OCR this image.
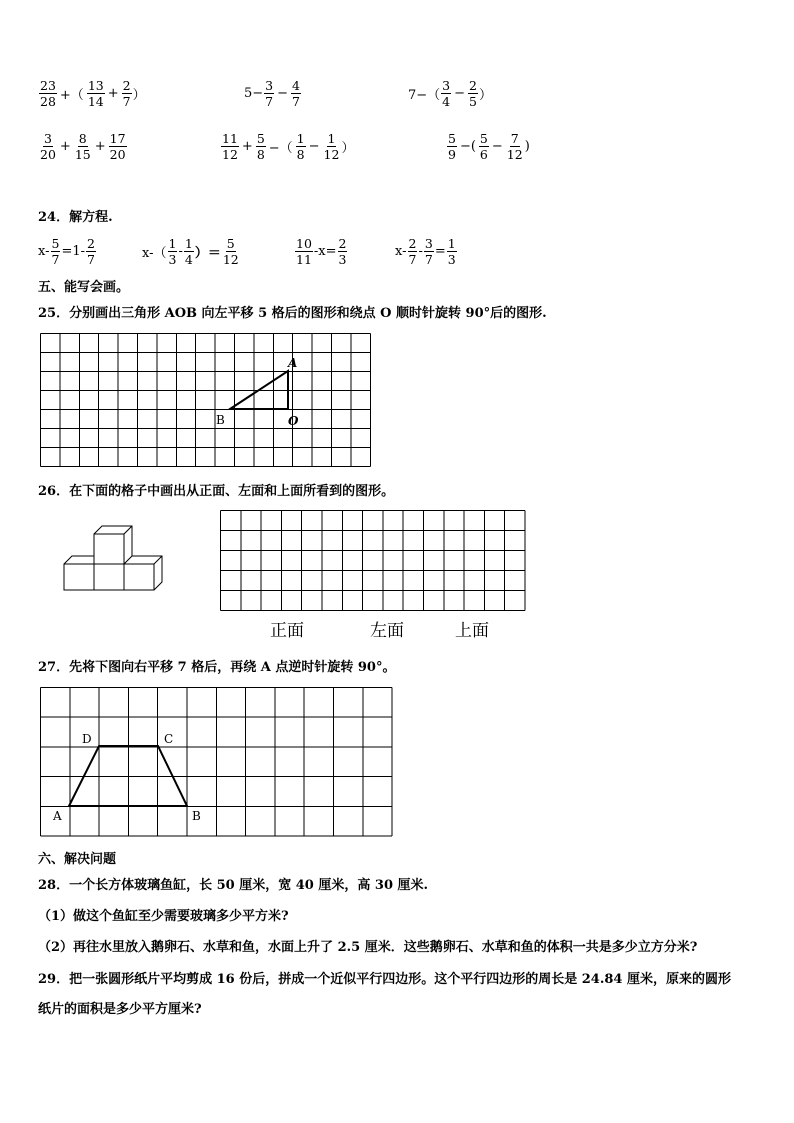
$\frac{23}{28}$ +（ $\frac{13}{14} + \frac{2}{7}$ ）	$5- \frac{3}{7} - \frac{4}{7}$	$7-( \frac{3}{4} - \frac{2}{5}$ ）
$\frac{3}{20} + \frac{8}{15} + \frac{17}{20}$	$\frac{11}{12} + \frac{5}{8}$ −（ $\frac{1}{8} - \frac{1}{12}$ ）	$\frac{5}{9}$ −( $\frac{5}{6} - \frac{7}{12}$ )
24．解方程.
$x- \frac{5}{7} =1- \frac{2}{7}$	$x-( \frac{1}{3} - \frac{1}{4}$ ）＝ $\frac{5}{12}$	$\frac{10}{11} -x= \frac{2}{3}$	$x- \frac{2}{7} - \frac{3}{7} = \frac{1}{3}$
五、能写会画。
25．分别画出三角形 AOB 向左平移 5 格后的图形和绕点 O 顺时针旋转 90°后的图形.
A
B	O
26．在下面的格子中画出从正面、左面和上面所看到的图形。
正面	左面	上面
27．先将下图向右平移 7 格后，再绕 A 点逆时针旋转 90°。
D	C
A	B
六、解决问题
28．一个长方体玻璃鱼缸，长 50 厘米，宽 40 厘米，高 30 厘米.
（1）做这个鱼缸至少需要玻璃多少平方米?
（2）再往水里放入鹅卵石、水草和鱼，水面上升了 2.5 厘米．这些鹅卵石、水草和鱼的体积一共是多少立方分米?
29．把一张圆形纸片平均剪成 16 份后，拼成一个近似平行四边形。这个平行四边形的周长是 24.84 厘米，原来的圆形
纸片的面积是多少平方厘米?
